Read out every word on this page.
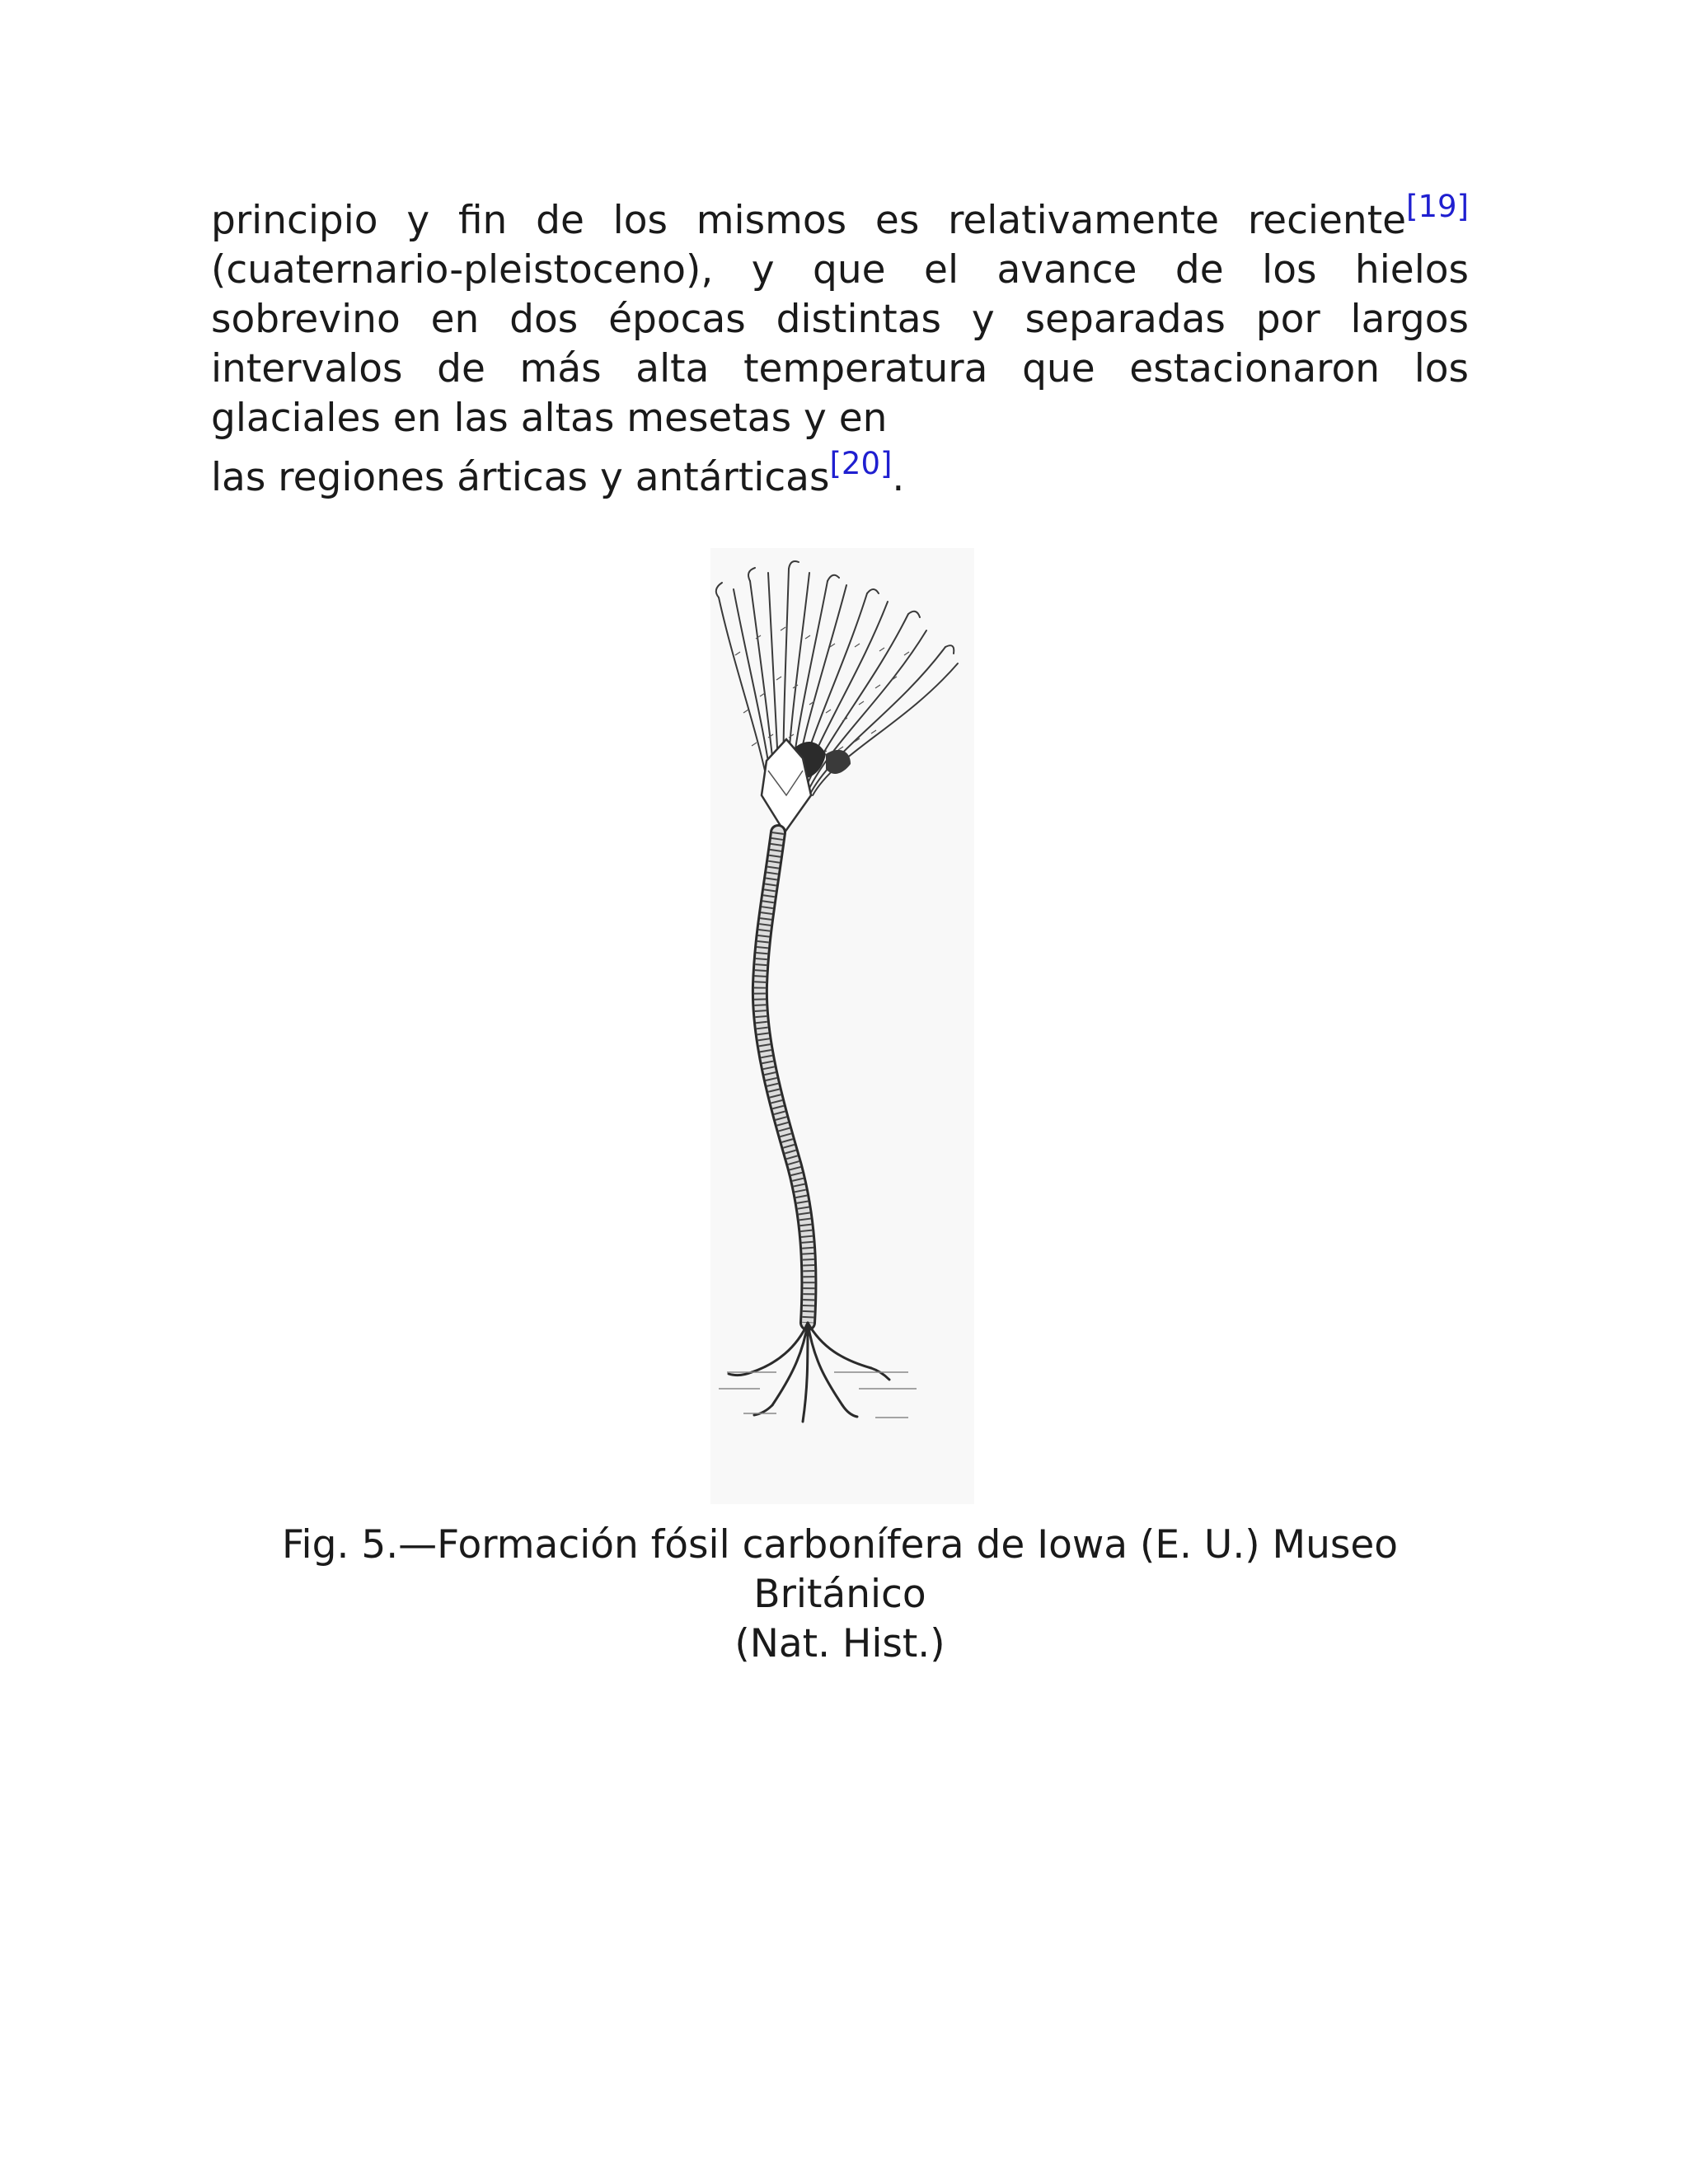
principio y fin de los mismos es relativamente reciente[19] (cuaternario-pleistoceno), y que el avance de los hielos sobrevino en dos épocas distintas y separadas por largos intervalos de más alta temperatura que estacionaron los glaciales en las altas mesetas y en
las regiones árticas y antárticas[20].

Fig. 5.—Formación fósil carbonífera de Iowa (E. U.) Museo Británico
(Nat. Hist.)
